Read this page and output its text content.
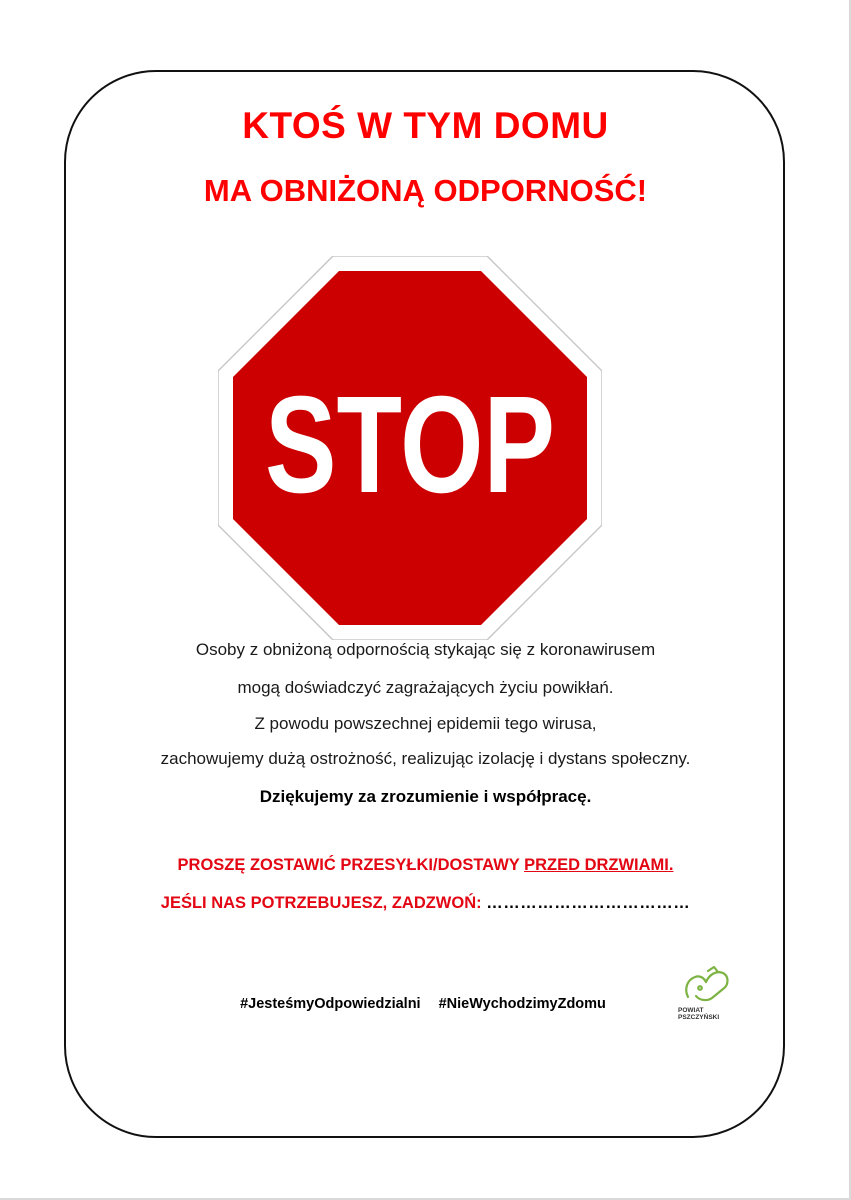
KTOŚ W TYM DOMU
MA OBNIŻONĄ ODPORNOŚĆ!
STOP

Osoby z obniżoną odpornością stykając się z koronawirusem

mogą doświadczyć zagrażających życiu powikłań.

Z powodu powszechnej epidemii tego wirusa,

zachowujemy dużą ostrożność, realizując izolację i dystans społeczny.

Dziękujemy za zrozumienie i współpracę.

PROSZĘ ZOSTAWIĆ PRZESYŁKI/DOSTAWY PRZED DRZWIAMI.

JEŚLI NAS POTRZEBUJESZ, ZADZWOŃ: ………………………………

#JesteśmyOdpowiedzialni #NieWychodzimyZdomu	POWIAT
PSZCZYŃSKI
